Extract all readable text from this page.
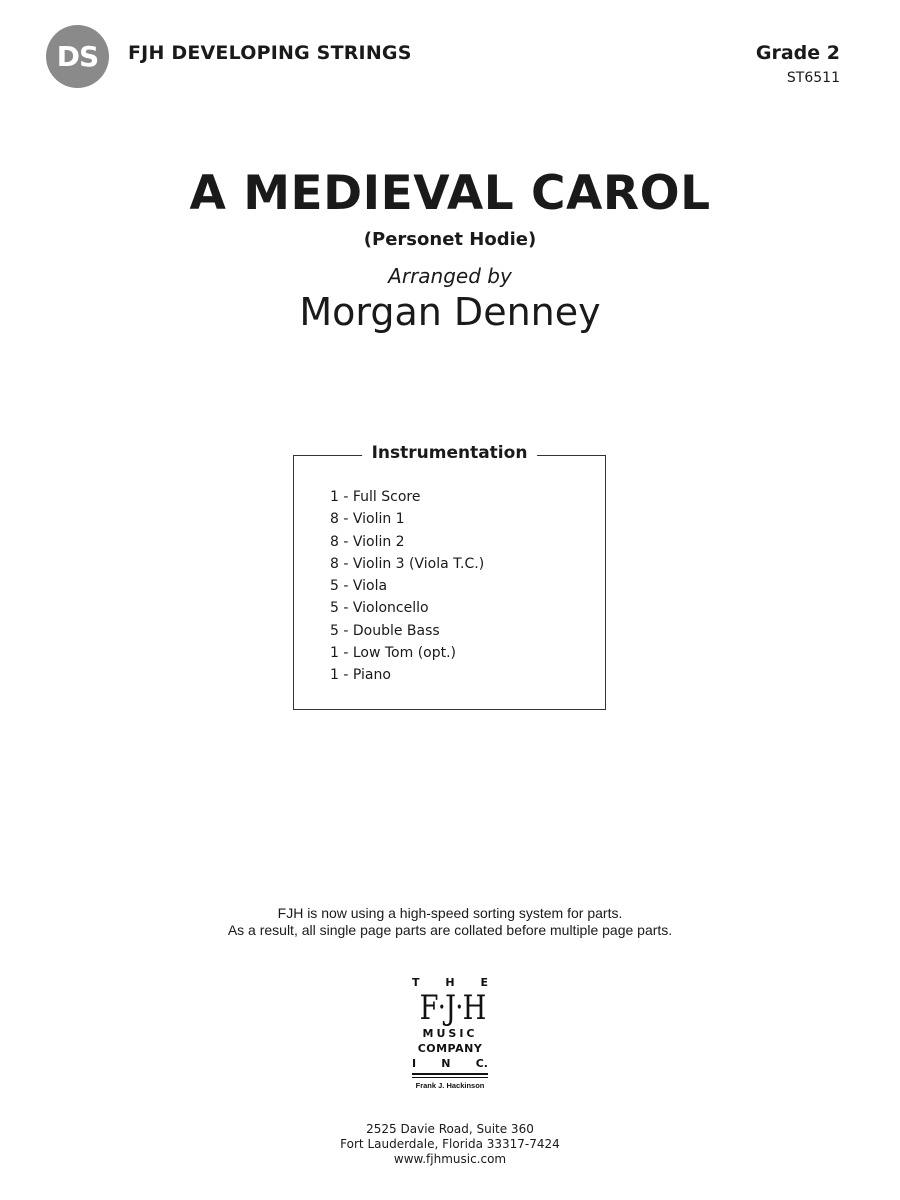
DS	FJH DEVELOPING STRINGS	Grade 2
ST6511
A MEDIEVAL CAROL
(Personet Hodie)
Arranged by
Morgan Denney
Instrumentation
1 - Full Score
8 - Violin 1
8 - Violin 2
8 - Violin 3 (Viola T.C.)
5 - Viola
5 - Violoncello
5 - Double Bass
1 - Low Tom (opt.)
1 - Piano
FJH is now using a high-speed sorting system for parts.
As a result, all single page parts are collated before multiple page parts.
T H E
F • J • H
MUSIC
COMPANY
I N C.
Frank J. Hackinson
2525 Davie Road, Suite 360
Fort Lauderdale, Florida 33317-7424
www.fjhmusic.com
